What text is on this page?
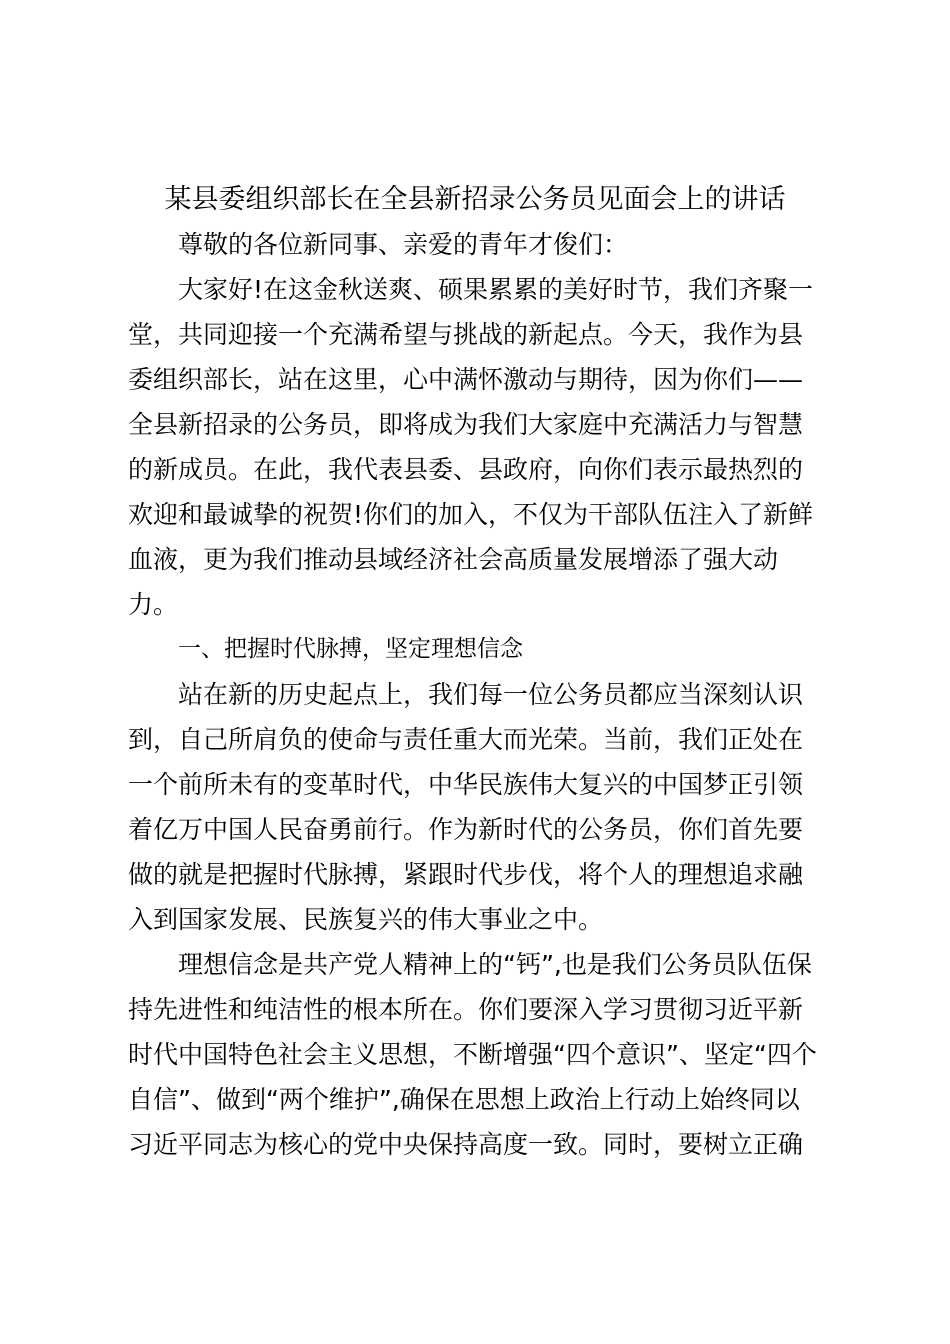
某县委组织部长在全县新招录公务员见面会上的讲话
尊敬的各位新同事、亲爱的青年才俊们：
大家好!在这金秋送爽、硕果累累的美好时节，我们齐聚一
堂，共同迎接一个充满希望与挑战的新起点。今天，我作为县
委组织部长，站在这里，心中满怀激动与期待，因为你们——
全县新招录的公务员，即将成为我们大家庭中充满活力与智慧
的新成员。在此，我代表县委、县政府，向你们表示最热烈的
欢迎和最诚挚的祝贺!你们的加入，不仅为干部队伍注入了新鲜
血液，更为我们推动县域经济社会高质量发展增添了强大动
力。
一、把握时代脉搏，坚定理想信念
站在新的历史起点上，我们每一位公务员都应当深刻认识
到，自己所肩负的使命与责任重大而光荣。当前，我们正处在
一个前所未有的变革时代，中华民族伟大复兴的中国梦正引领
着亿万中国人民奋勇前行。作为新时代的公务员，你们首先要
做的就是把握时代脉搏，紧跟时代步伐，将个人的理想追求融
入到国家发展、民族复兴的伟大事业之中。
理想信念是共产党人精神上的“钙”,也是我们公务员队伍保
持先进性和纯洁性的根本所在。你们要深入学习贯彻习近平新
时代中国特色社会主义思想，不断增强“四个意识”、坚定“四个
自信”、做到“两个维护”,确保在思想上政治上行动上始终同以
习近平同志为核心的党中央保持高度一致。同时，要树立正确
